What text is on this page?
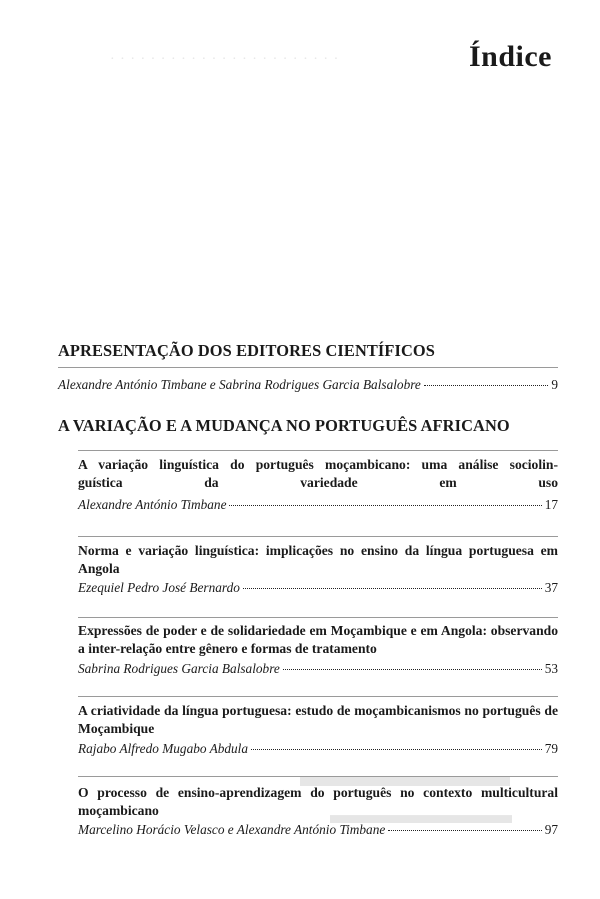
· · · · · · · · · · · · · · · · · · · · · · ·
▬▬▬▬▬▬▬
▬▬▬▬▬▬▬
Índice
APRESENTAÇÃO DOS EDITORES CIENTÍFICOS
Alexandre António Timbane e Sabrina Rodrigues Garcia Balsalobre	9
A VARIAÇÃO E A MUDANÇA NO PORTUGUÊS AFRICANO
A variação linguística do português moçambicano: uma análise sociolin-
guística da variedade em uso
Alexandre António Timbane	17
Norma e variação linguística: implicações no ensino da língua portuguesa em Angola
Ezequiel Pedro José Bernardo	37
Expressões de poder e de solidariedade em Moçambique e em Angola: observando a inter-relação entre gênero e formas de tratamento
Sabrina Rodrigues Garcia Balsalobre	53
A criatividade da língua portuguesa: estudo de moçambicanismos no português de Moçambique
Rajabo Alfredo Mugabo Abdula	79
O processo de ensino-aprendizagem do português no contexto multicultural moçambicano
Marcelino Horácio Velasco e Alexandre António Timbane	97
